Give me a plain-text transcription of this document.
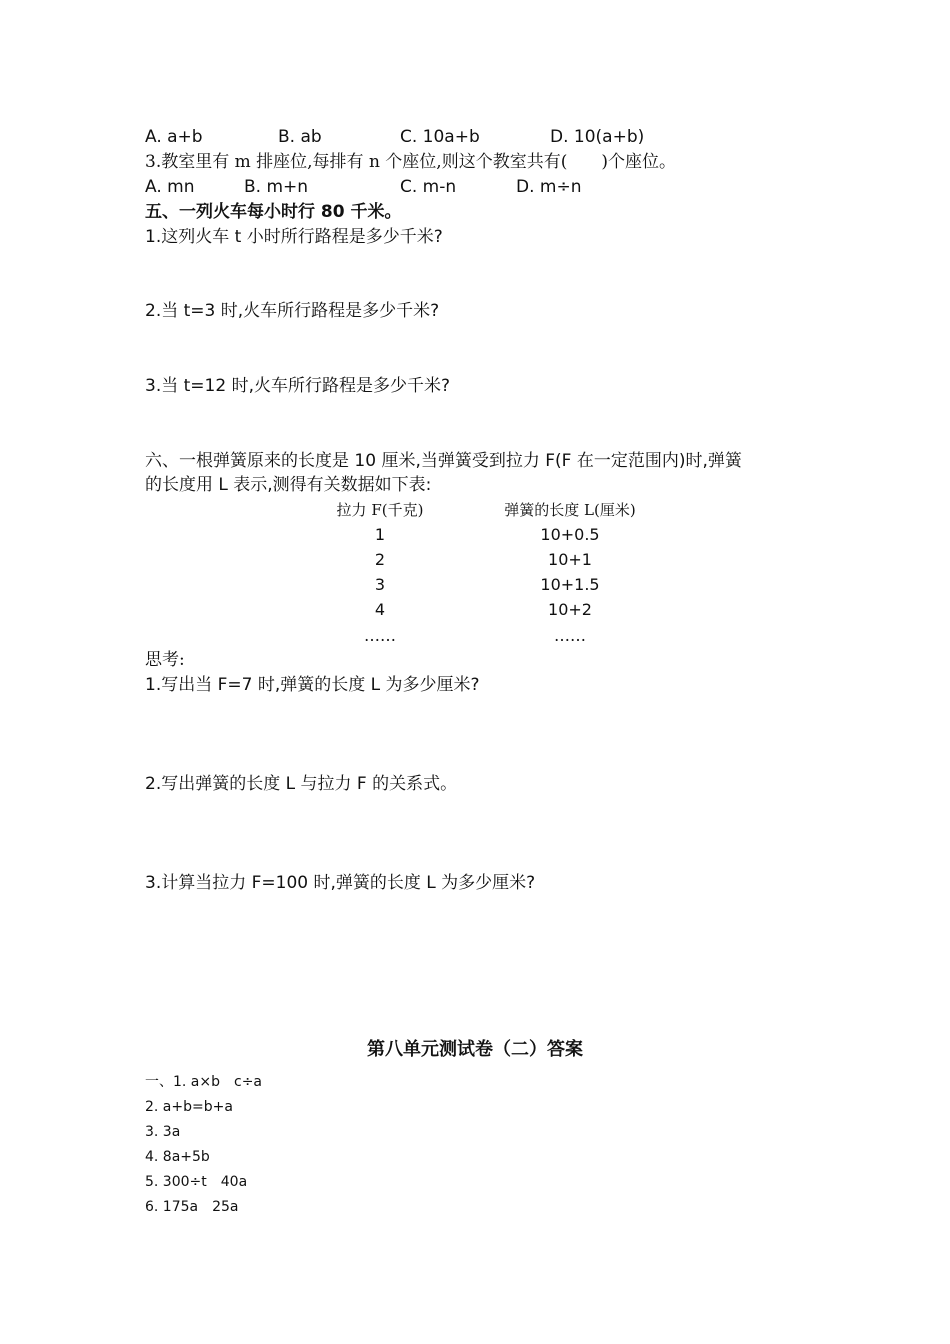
A. a+b	B. ab	C. 10a+b	D. 10(a+b)
3.教室里有 m 排座位,每排有 n 个座位,则这个教室共有(　　)个座位。
A. mn	B. m+n	C. m-n	D. m÷n
五、一列火车每小时行 80 千米。
1.这列火车 t 小时所行路程是多少千米?
2.当 t=3 时,火车所行路程是多少千米?
3.当 t=12 时,火车所行路程是多少千米?
六、一根弹簧原来的长度是 10 厘米,当弹簧受到拉力 F(F 在一定范围内)时,弹簧
的长度用 L 表示,测得有关数据如下表:
拉力 F(千克)	弹簧的长度 L(厘米)
1	10+0.5
2	10+1
3	10+1.5
4	10+2
……	……
思考:
1.写出当 F=7 时,弹簧的长度 L 为多少厘米?
2.写出弹簧的长度 L 与拉力 F 的关系式。
3.计算当拉力 F=100 时,弹簧的长度 L 为多少厘米?
第八单元测试卷（二）答案
一、1. a×b　c÷a
2. a+b=b+a
3. 3a
4. 8a+5b
5. 300÷t　40a
6. 175a　25a
